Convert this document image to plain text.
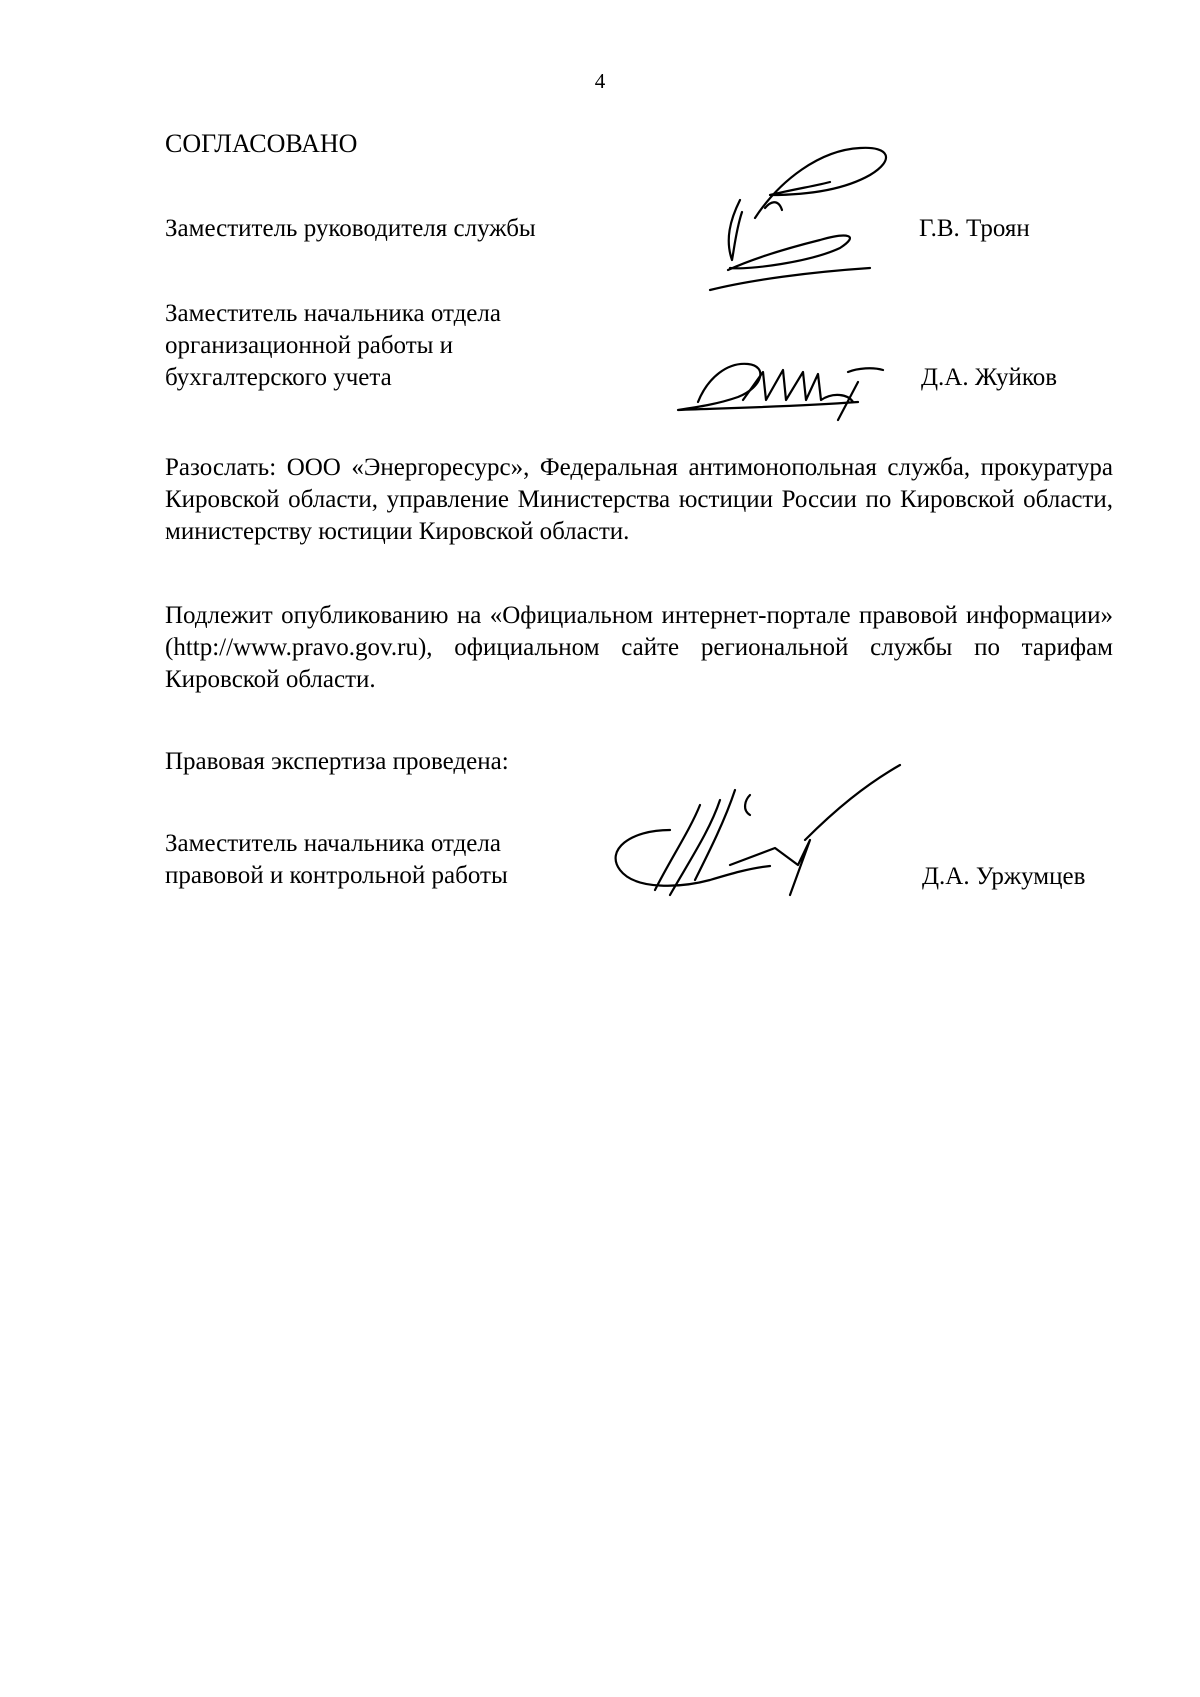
4
СОГЛАСОВАНО
Заместитель руководителя службы	Г.В. Троян
Заместитель начальника отдела
организационной работы и
бухгалтерского учета	Д.А. Жуйков
Разослать: ООО «Энергоресурс», Федеральная антимонопольная служба, прокуратура Кировской области, управление Министерства юстиции России по Кировской области, министерству юстиции Кировской области.
Подлежит опубликованию на «Официальном интернет-портале правовой информации» (http://www.pravo.gov.ru), официальном сайте региональной службы по тарифам Кировской области.
Правовая экспертиза проведена:
Заместитель начальника отдела
правовой и контрольной работы	Д.А. Уржумцев
